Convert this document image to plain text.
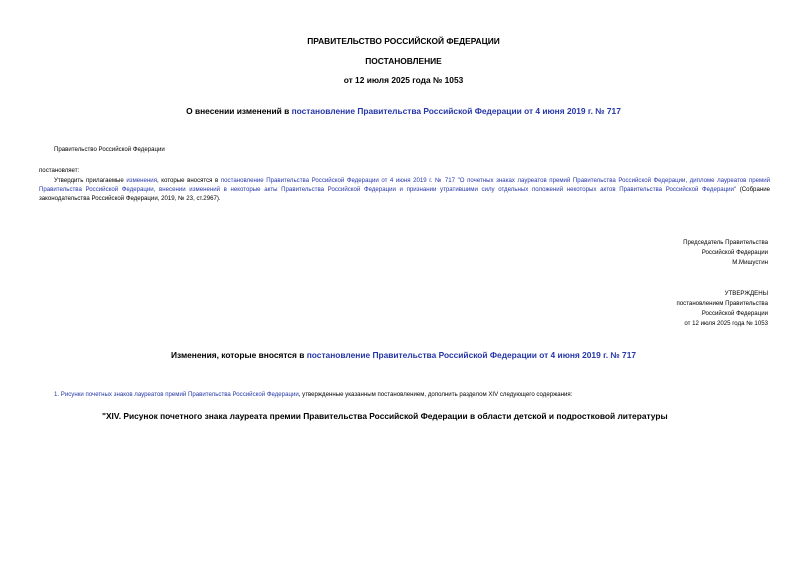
ПРАВИТЕЛЬСТВО РОССИЙСКОЙ ФЕДЕРАЦИИ
ПОСТАНОВЛЕНИЕ
от 12 июля 2025 года № 1053
О внесении изменений в постановление Правительства Российской Федерации от 4 июня 2019 г. № 717
Правительство Российской Федерации
постановляет:
Утвердить прилагаемые изменения, которые вносятся в постановление Правительства Российской Федерации от 4 июня 2019 г. № 717 "О почетных знаках лауреатов премий Правительства Российской Федерации, дипломе лауреатов премий Правительства Российской Федерации, внесении изменений в некоторые акты Правительства Российской Федерации и признании утратившими силу отдельных положений некоторых актов Правительства Российской Федерации" (Собрание законодательства Российской Федерации, 2019, № 23, ст.2967).
Председатель Правительства
Российской Федерации
М.Мишустин
УТВЕРЖДЕНЫ
постановлением Правительства
Российской Федерации
от 12 июля 2025 года № 1053
Изменения, которые вносятся в постановление Правительства Российской Федерации от 4 июня 2019 г. № 717
1. Рисунки почетных знаков лауреатов премий Правительства Российской Федерации, утвержденные указанным постановлением, дополнить разделом XIV следующего содержания:
"XIV. Рисунок почетного знака лауреата премии Правительства Российской Федерации в области детской и подростковой литературы
